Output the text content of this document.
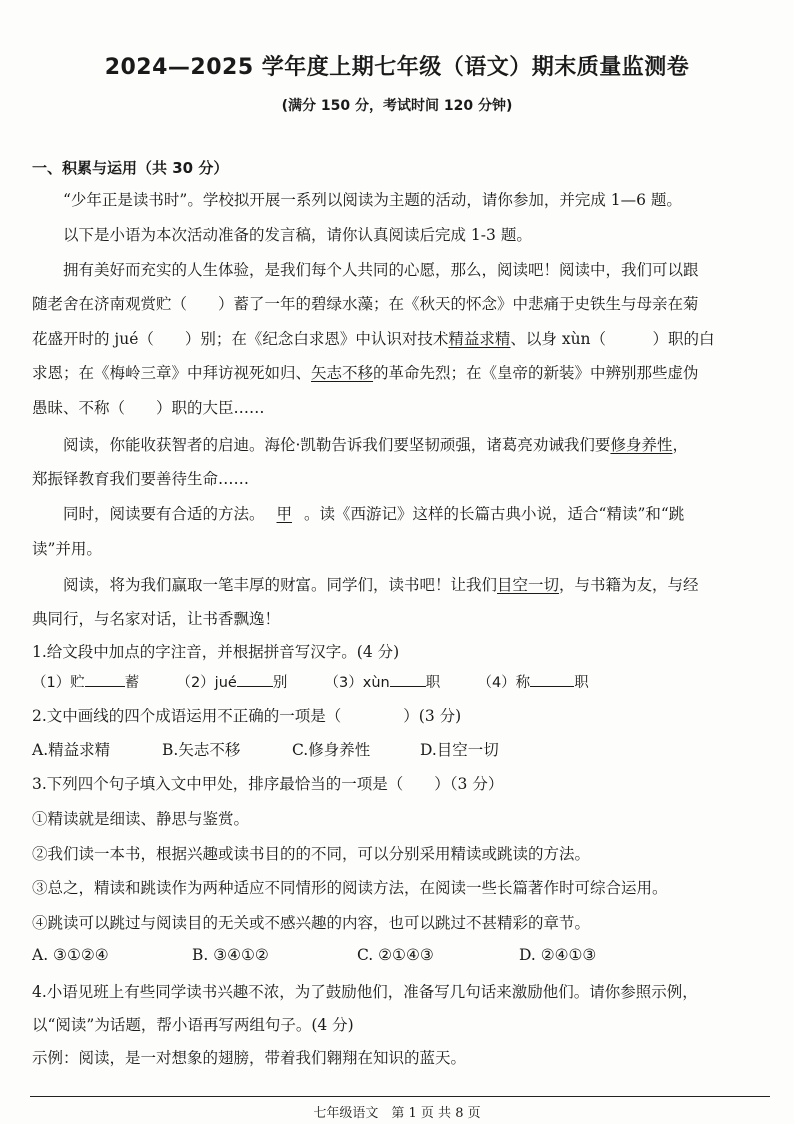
2024—2025 学年度上期七年级（语文）期末质量监测卷
(满分 150 分，考试时间 120 分钟)
一、积累与运用（共 30 分）
“少年正是读书时”。学校拟开展一系列以阅读为主题的活动，请你参加，并完成 1—6 题。
以下是小语为本次活动准备的发言稿，请你认真阅读后完成 1-3 题。
拥有美好而充实的人生体验，是我们每个人共同的心愿，那么，阅读吧！阅读中，我们可以跟
随老舍在济南观赏贮（　　）蓄了一年的碧绿水藻；在《秋天的怀念》中悲痛于史铁生与母亲在菊
花盛开时的 jué（　　）别；在《纪念白求恩》中认识对技术精益求精、以身 xùn（　　　）职的白
求恩；在《梅岭三章》中拜访视死如归、矢志不移的革命先烈；在《皇帝的新装》中辨别那些虚伪
愚昧、不称（　　）职的大臣……
阅读，你能收获智者的启迪。海伦·凯勒告诉我们要坚韧顽强，诸葛亮劝诫我们要修身养性，
郑振铎教育我们要善待生命……
同时，阅读要有合适的方法。 甲 。读《西游记》这样的长篇古典小说，适合“精读”和“跳
读”并用。
阅读，将为我们赢取一笔丰厚的财富。同学们，读书吧！让我们目空一切，与书籍为友，与经
典同行，与名家对话，让书香飘逸！
1.给文段中加点的字注音，并根据拼音写汉字。(4 分)
（1）贮	蓄	（2）jué 别	（3）xùn 职	（4）称	职
2.文中画线的四个成语运用不正确的一项是（　　　　）(3 分)
A.精益求精	B.矢志不移	C.修身养性	D.目空一切
3.下列四个句子填入文中甲处，排序最恰当的一项是（　　）（3 分）
①精读就是细读、静思与鉴赏。
②我们读一本书，根据兴趣或读书目的的不同，可以分别采用精读或跳读的方法。
③总之，精读和跳读作为两种适应不同情形的阅读方法，在阅读一些长篇著作时可综合运用。
④跳读可以跳过与阅读目的无关或不感兴趣的内容，也可以跳过不甚精彩的章节。
A. ③①②④	B. ③④①②	C. ②①④③	D. ②④①③
4.小语见班上有些同学读书兴趣不浓，为了鼓励他们，准备写几句话来激励他们。请你参照示例，
以“阅读”为话题，帮小语再写两组句子。(4 分)
示例：阅读，是一对想象的翅膀，带着我们翱翔在知识的蓝天。
七年级语文　第 1 页 共 8 页
